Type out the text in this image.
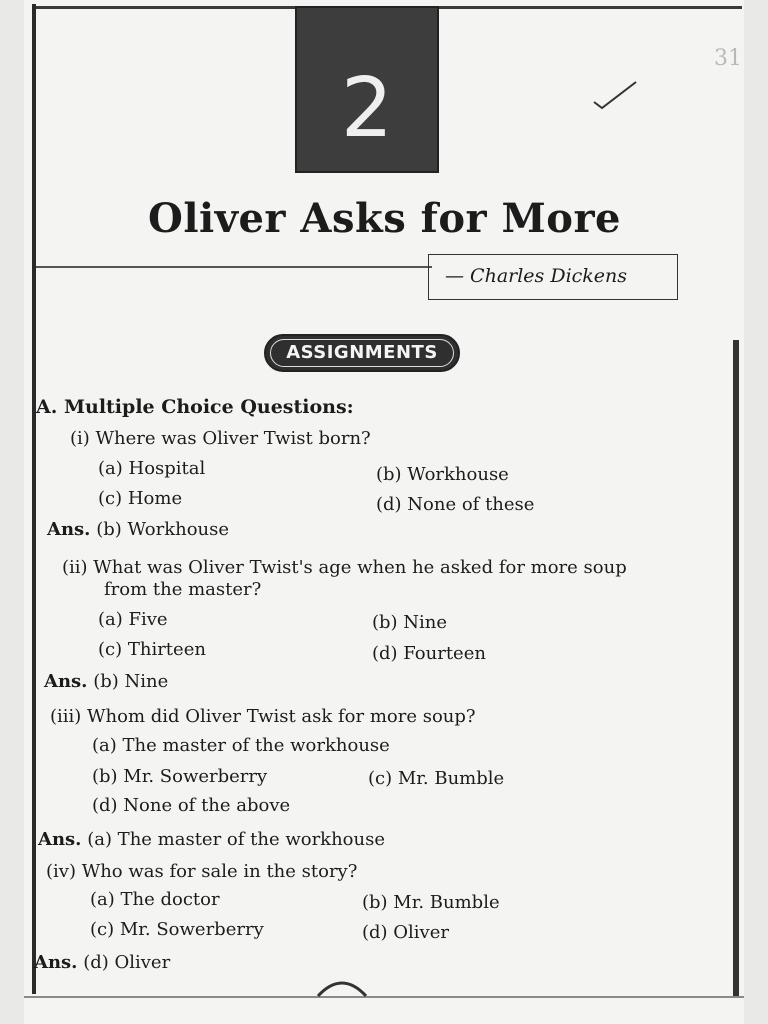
31
2
Oliver Asks for More
— Charles Dickens
ASSIGNMENTS
A. Multiple Choice Questions:
(i) Where was Oliver Twist born?
(a) Hospital	(b) Workhouse
(c) Home	(d) None of these
Ans. (b) Workhouse
(ii) What was Oliver Twist's age when he asked for more soup
from the master?
(a) Five	(b) Nine
(c) Thirteen	(d) Fourteen
Ans. (b) Nine
(iii) Whom did Oliver Twist ask for more soup?
(a) The master of the workhouse
(b) Mr. Sowerberry	(c) Mr. Bumble
(d) None of the above
Ans. (a) The master of the workhouse
(iv) Who was for sale in the story?
(a) The doctor	(b) Mr. Bumble
(c) Mr. Sowerberry	(d) Oliver
Ans. (d) Oliver
